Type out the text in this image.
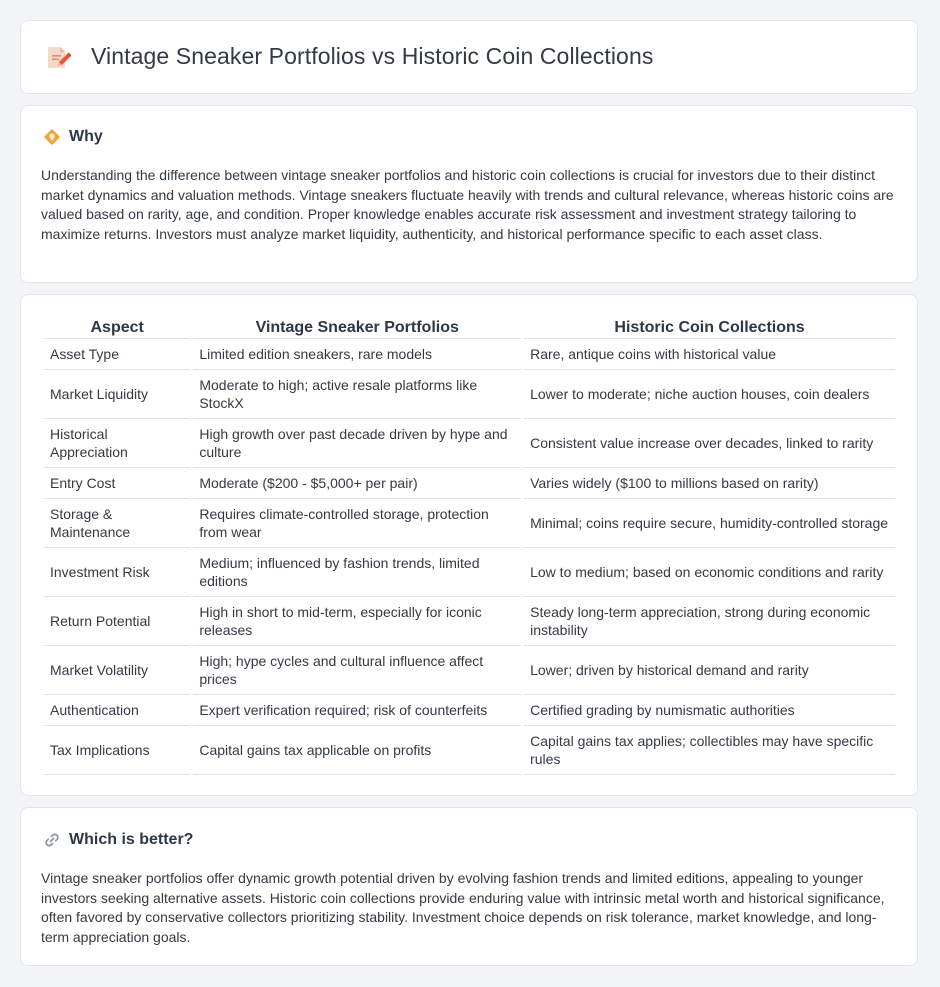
Vintage Sneaker Portfolios vs Historic Coin Collections
Why

Understanding the difference between vintage sneaker portfolios and historic coin collections is crucial for investors due to their distinct market dynamics and valuation methods. Vintage sneakers fluctuate heavily with trends and cultural relevance, whereas historic coins are valued based on rarity, age, and condition. Proper knowledge enables accurate risk assessment and investment strategy tailoring to maximize returns. Investors must analyze market liquidity, authenticity, and historical performance specific to each asset class.

Aspect	Vintage Sneaker Portfolios	Historic Coin Collections
Asset Type	Limited edition sneakers, rare models	Rare, antique coins with historical value
Market Liquidity	Moderate to high; active resale platforms like StockX	Lower to moderate; niche auction houses, coin dealers
Historical Appreciation	High growth over past decade driven by hype and culture	Consistent value increase over decades, linked to rarity
Entry Cost	Moderate ($200 - $5,000+ per pair)	Varies widely ($100 to millions based on rarity)
Storage & Maintenance	Requires climate-controlled storage, protection from wear	Minimal; coins require secure, humidity-controlled storage
Investment Risk	Medium; influenced by fashion trends, limited editions	Low to medium; based on economic conditions and rarity
Return Potential	High in short to mid-term, especially for iconic releases	Steady long-term appreciation, strong during economic instability
Market Volatility	High; hype cycles and cultural influence affect prices	Lower; driven by historical demand and rarity
Authentication	Expert verification required; risk of counterfeits	Certified grading by numismatic authorities
Tax Implications	Capital gains tax applicable on profits	Capital gains tax applies; collectibles may have specific rules
Which is better?

Vintage sneaker portfolios offer dynamic growth potential driven by evolving fashion trends and limited editions, appealing to younger investors seeking alternative assets. Historic coin collections provide enduring value with intrinsic metal worth and historical significance, often favored by conservative collectors prioritizing stability. Investment choice depends on risk tolerance, market knowledge, and long-term appreciation goals.
